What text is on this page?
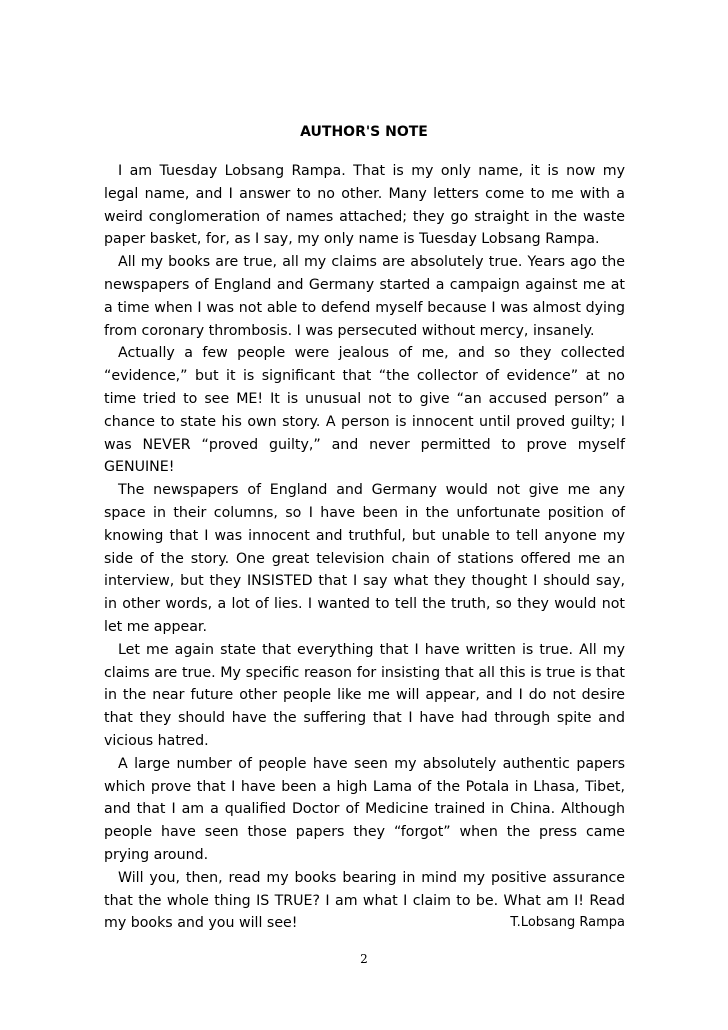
AUTHOR'S NOTE

I am Tuesday Lobsang Rampa. That is my only name, it is now my legal name, and I answer to no other. Many letters come to me with a weird conglomeration of names attached; they go straight in the waste paper basket, for, as I say, my only name is Tuesday Lobsang Rampa.

All my books are true, all my claims are absolutely true. Years ago the newspapers of England and Germany started a campaign against me at a time when I was not able to defend myself because I was almost dying from coronary thrombosis. I was persecuted without mercy, insanely.

Actually a few people were jealous of me, and so they collected “evidence,” but it is significant that “the collector of evidence” at no time tried to see ME! It is unusual not to give “an accused person” a chance to state his own story. A person is innocent until proved guilty; I was NEVER “proved guilty,” and never permitted to prove myself GENUINE!

The newspapers of England and Germany would not give me any space in their columns, so I have been in the unfortunate position of knowing that I was innocent and truthful, but unable to tell anyone my side of the story. One great television chain of stations offered me an interview, but they INSISTED that I say what they thought I should say, in other words, a lot of lies. I wanted to tell the truth, so they would not let me appear.

Let me again state that everything that I have written is true. All my claims are true. My specific reason for insisting that all this is true is that in the near future other people like me will appear, and I do not desire that they should have the suffering that I have had through spite and vicious hatred.

A large number of people have seen my absolutely authentic papers which prove that I have been a high Lama of the Potala in Lhasa, Tibet, and that I am a qualified Doctor of Medicine trained in China. Although people have seen those papers they “forgot” when the press came prying around.

Will you, then, read my books bearing in mind my positive assurance that the whole thing IS TRUE? I am what I claim to be. What am I! Read my books and you will see!	T.Lobsang Rampa
2
